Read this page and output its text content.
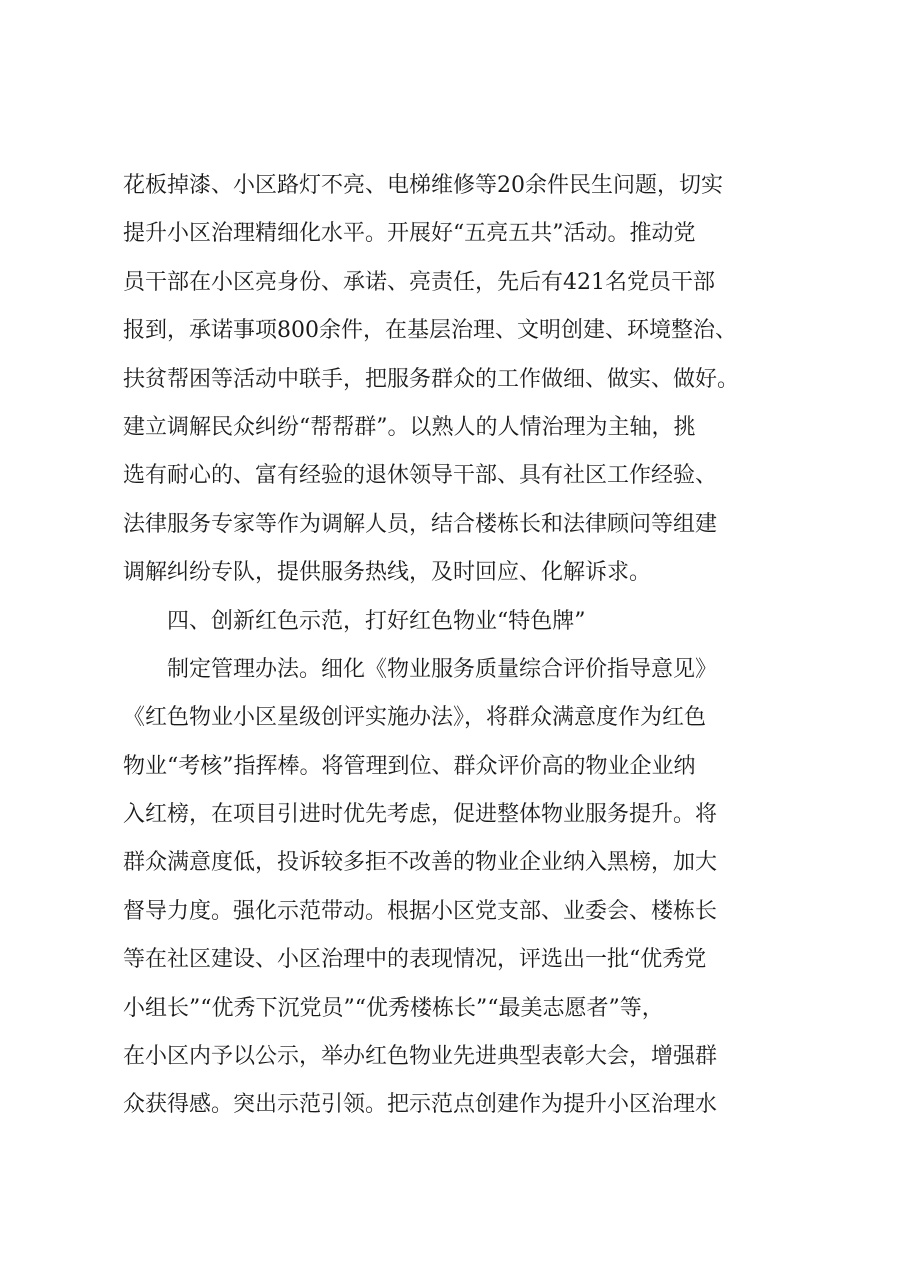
花板掉漆、小区路灯不亮、电梯维修等20余件民生问题，切实
提升小区治理精细化水平。开展好“五亮五共”活动。推动党
员干部在小区亮身份、承诺、亮责任，先后有421名党员干部
报到，承诺事项800余件，在基层治理、文明创建、环境整治、
扶贫帮困等活动中联手，把服务群众的工作做细、做实、做好。
建立调解民众纠纷“帮帮群”。以熟人的人情治理为主轴，挑
选有耐心的、富有经验的退休领导干部、具有社区工作经验、
法律服务专家等作为调解人员，结合楼栋长和法律顾问等组建
调解纠纷专队，提供服务热线，及时回应、化解诉求。
四、创新红色示范，打好红色物业“特色牌”
制定管理办法。细化《物业服务质量综合评价指导意见》
《红色物业小区星级创评实施办法》，将群众满意度作为红色
物业“考核”指挥棒。将管理到位、群众评价高的物业企业纳
入红榜，在项目引进时优先考虑，促进整体物业服务提升。将
群众满意度低，投诉较多拒不改善的物业企业纳入黑榜，加大
督导力度。强化示范带动。根据小区党支部、业委会、楼栋长
等在社区建设、小区治理中的表现情况，评选出一批“优秀党
小组长”“优秀下沉党员”“优秀楼栋长”“最美志愿者”等，
在小区内予以公示，举办红色物业先进典型表彰大会，增强群
众获得感。突出示范引领。把示范点创建作为提升小区治理水
